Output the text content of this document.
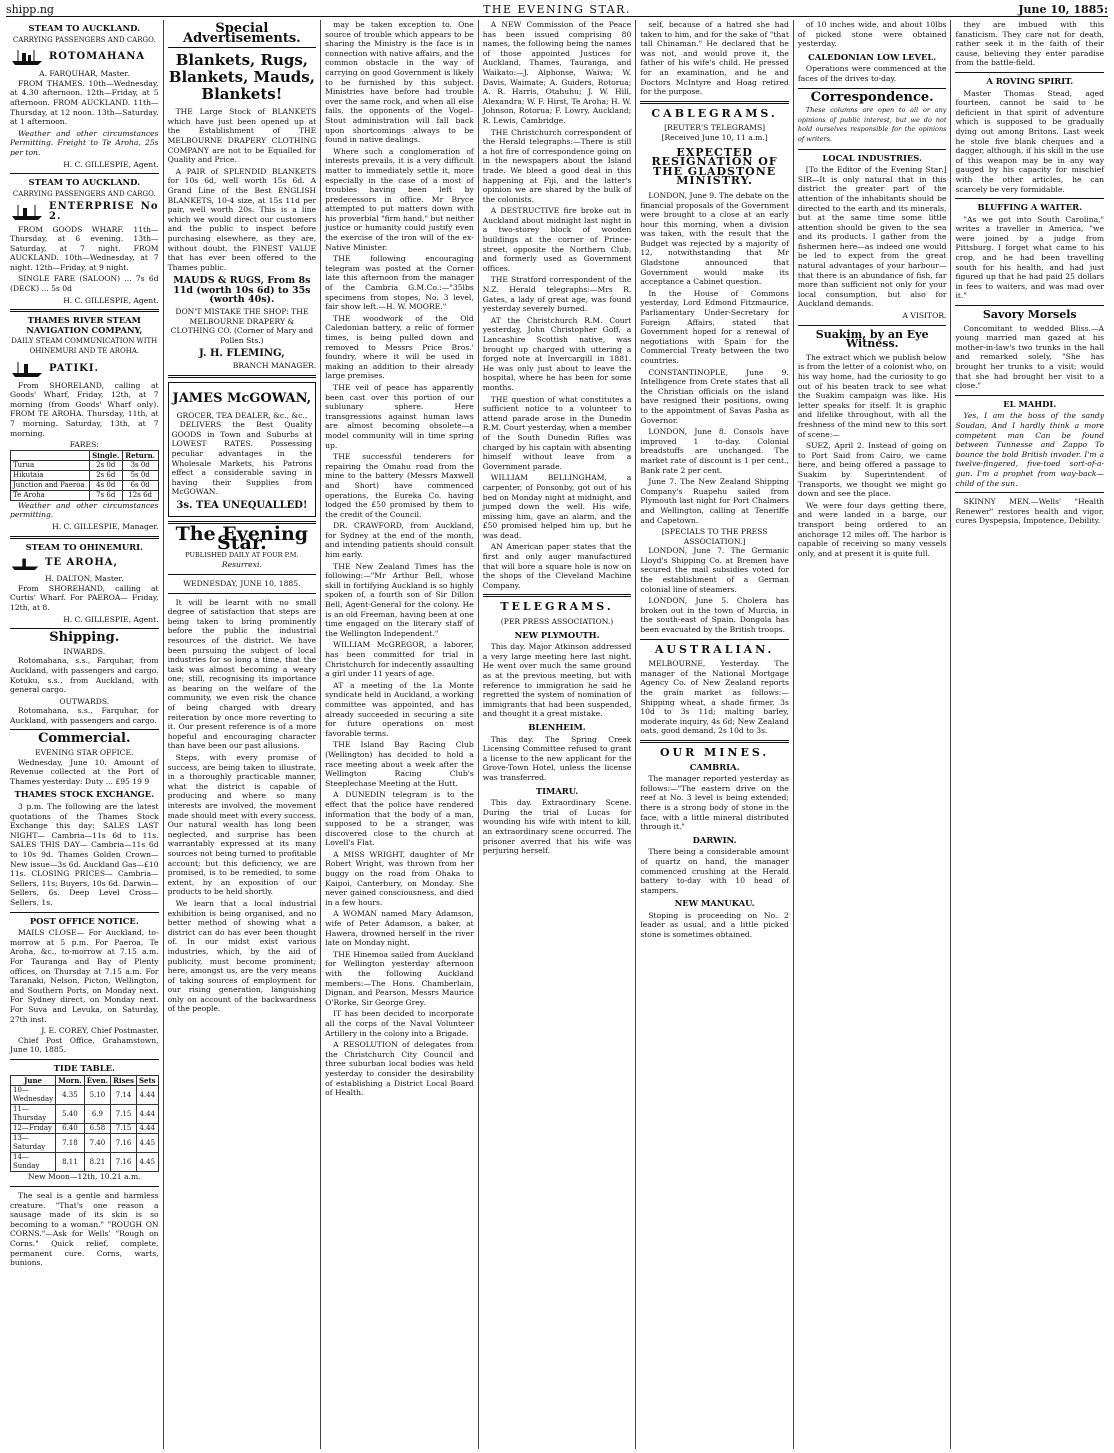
shipp.ng	THE EVENING STAR.	June 10, 1885:
STEAM TO AUCKLAND.
CARRYING PASSENGERS AND CARGO.
ROTOMAHANA
A. FARQUHAR, Master.

FROM THAMES. 10th—Wednesday, at 4.30 afternoon. 12th—Friday, at 5 afternoon. FROM AUCKLAND. 11th—Thursday, at 12 noon. 13th—Saturday, at 1 afternoon.

Weather and other circumstances Permitting. Freight to Te Aroha, 25s per ton.

H. C. GILLESPIE, Agent.
STEAM TO AUCKLAND.
CARRYING PASSENGERS AND CARGO.
ENTERPRISE No 2.

FROM GOODS WHARF. 11th—Thursday, at 6 evening. 13th—Saturday, at 7 night. FROM AUCKLAND. 10th—Wednesday, at 7 night. 12th—Friday, at 9 night.

SINGLE FARE (SALOON) ... 7s 6d (DECK) ... 5s 0d

H. C. GILLESPIE, Agent.
THAMES RIVER STEAM NAVIGATION COMPANY,
DAILY STEAM COMMUNICATION WITH OHINEMURI AND TE AROHA.
PATIKI.

From SHORELAND, calling at Goods' Wharf, Friday, 12th, at 7 morning (from Goods' Wharf only). FROM TE AROHA. Thursday, 11th, at 7 morning. Saturday, 13th, at 7 morning.

FARES:
	Single.	Return.
Turua	2s 0d	3s 0d
Hikutaia	2s 6d	5s 0d
Junction and Paeroa	4s 0d	6s 0d
Te Aroha	7s 6d	12s 6d

Weather and other circumstances permitting.

H. C. GILLESPIE, Manager.
STEAM TO OHINEMURI.
TE AROHA,
H. DALTON, Master.

From SHOREHAND, calling at Curtis' Wharf. For PAEROA— Friday, 12th, at 8.

H. C. GILLESPIE, Agent.
Shipping.
INWARDS.

Rotomahana, s.s., Farquhar, from Auckland, with passengers and cargo. Kotuku, s.s., from Auckland, with general cargo.

OUTWARDS.

Rotomahana, s.s., Farquhar, for Auckland, with passengers and cargo.

Commercial.
EVENING STAR OFFICE.

Wednesday, June 10. Amount of Revenue collected at the Port of Thames yesterday: Duty ... £95 19 9

THAMES STOCK EXCHANGE.

3 p.m. The following are the latest quotations of the Thames Stock Exchange this day: SALES LAST NIGHT— Cambria—11s 6d to 11s. SALES THIS DAY— Cambria—11s 6d to 10s 9d. Thames Golden Crown—New issue—3s 6d. Auckland Gas—£10 11s. CLOSING PRICES— Cambria—Sellers, 11s; Buyers, 10s 6d. Darwin—Sellers, 6s. Deep Level Cross—Sellers, 1s.

POST OFFICE NOTICE.

MAILS CLOSE— For Auckland, to-morrow at 5 p.m. For Paeroa, Te Aroha, &c., to-morrow at 7.15 a.m. For Tauranga and Bay of Plenty offices, on Thursday at 7.15 a.m. For Taranaki, Nelson, Picton, Wellington, and Southern Ports, on Monday next. For Sydney direct, on Monday next. For Suva and Levuka, on Saturday, 27th inst.

J. E. COREY, Chief Postmaster.

Chief Post Office, Grahamstown, June 10, 1885.

TIDE TABLE.
June	Morn.	Even.	Rises	Sets
10—Wednesday	4.35	5.10	7.14	4.44
11—Thursday	5.40	6.9	7.15	4.44
12—Friday	6.40	6.58	7.15	4.44
13—Saturday	7.18	7.40	7.16	4.45
14—Sunday	8.11	8.21	7.16	4.45
New Moon—12th, 10.21 a.m.

The seal is a gentle and harmless creature. "That's one reason a sausage made of its skin is so becoming to a woman." "ROUGH ON CORNS."—Ask for Wells' "Rough on Corns." Quick relief, complete, permanent cure. Corns, warts, bunions.

Special Advertisements.
Blankets, Rugs, Blankets, Mauds, Blankets!

THE Large Stock of BLANKETS which have just been opened up at the Establishment of THE MELBOURNE DRAPERY CLOTHING COMPANY are not to be Equalled for Quality and Price.

A PAIR of SPLENDID BLANKETS for 10s 6d, well worth 15s 6d. A Grand Line of the Best ENGLISH BLANKETS, 10-4 size, at 15s 11d per pair, well worth 20s. This is a line which we would direct our customers and the public to inspect before purchasing elsewhere, as they are, without doubt, the FINEST VALUE that has ever been offered to the Thames public.

MAUDS & RUGS, From 8s 11d (worth 10s 6d) to 35s (worth 40s).

DON'T MISTAKE THE SHOP: THE MELBOURNE DRAPERY & CLOTHING CO. (Corner of Mary and Pollen Sts.)

J. H. FLEMING,
BRANCH MANAGER.
JAMES McGOWAN,
GROCER, TEA DEALER, &c., &c.,

DELIVERS the Best Quality GOODS in Town and Suburbs at LOWEST RATES. Possessing peculiar advantages in the Wholesale Markets, his Patrons effect a considerable saving in having their Supplies from McGOWAN.

3s. TEA UNEQUALLED!
The Evening Star.
PUBLISHED DAILY AT FOUR P.M.
Resurrexi.
WEDNESDAY, JUNE 10, 1885.

It will be learnt with no small degree of satisfaction that steps are being taken to bring prominently before the public the industrial resources of the district. We have been pursuing the subject of local industries for so long a time, that the task was almost becoming a weary one; still, recognising its importance as bearing on the welfare of the community, we even risk the chance of being charged with dreary reiteration by once more reverting to it. Our present reference is of a more hopeful and encouraging character than have been our past allusions.

Steps, with every promise of success, are being taken to illustrate, in a thoroughly practicable manner, what the district is capable of producing and where so many interests are involved, the movement made should meet with every success. Our natural wealth has long been neglected, and surprise has been warrantably expressed at its many sources not being turned to profitable account; but this deficiency, we are promised, is to be remedied, to some extent, by an exposition of our products to be held shortly.

We learn that a local industrial exhibition is being organised, and no better method of showing what a district can do has ever been thought of. In our midst exist various industries, which, by the aid of publicity, must become prominent; here, amongst us, are the very means of taking sources of employment for our rising generation, languishing only on account of the backwardness of the people.

may be taken exception to. One source of trouble which appears to be sharing the Ministry is the face is in connection with native affairs, and the common obstacle in the way of carrying on good Government is likely to be furnished by this subject. Ministries have before had trouble over the same rock, and when all else fails, the opponents of the Vogel–Stout administration will fall back upon shortcomings always to be found in native dealings.

Where such a conglomeration of interests prevails, it is a very difficult matter to immediately settle it, more especially in the case of a most of troubles having been left by predecessors in office. Mr Bryce attempted to put matters down with his proverbial "firm hand," but neither justice or humanity could justify even the exercise of the iron will of the ex-Native Minister.

THE following encouraging telegram was posted at the Corner late this afternoon from the manager of the Cambria G.M.Co.:—"35lbs specimens from stopes, No. 3 level, fair show left.—H. W. MOORE."

THE woodwork of the Old Caledonian battery, a relic of former times, is being pulled down and removed to Messrs Price Bros.' foundry, where it will be used in making an addition to their already large premises.

THE veil of peace has apparently been cast over this portion of our sublunary sphere. Here transgressions against human laws are almost becoming obsolete—a model community will in time spring up.

THE successful tenderers for repairing the Omahu road from the mine to the battery (Messrs Maxwell and Short) have commenced operations, the Eureka Co. having lodged the £50 promised by them to the credit of the Council.

DR. CRAWFORD, from Auckland, for Sydney at the end of the month, and intending patients should consult him early.

THE New Zealand Times has the following:—"Mr Arthur Bell, whose skill in fortifying Auckland is so highly spoken of, a fourth son of Sir Dillon Bell, Agent-General for the colony. He is an old Freeman, having been at one time engaged on the literary staff of the Wellington Independent."

WILLIAM McGREGOR, a laborer, has been committed for trial in Christchurch for indecently assaulting a girl under 11 years of age.

AT a meeting of the La Monte syndicate held in Auckland, a working committee was appointed, and has already succeeded in securing a site for future operations on most favorable terms.

THE Island Bay Racing Club (Wellington) has decided to hold a race meeting about a week after the Wellington Racing Club's Steeplechase Meeting at the Hutt.

A DUNEDIN telegram is to the effect that the police have rendered information that the body of a man, supposed to be a stranger, was discovered close to the church at Lovell's Flat.

A MISS WRIGHT, daughter of Mr Robert Wright, was thrown from her buggy on the road from Ohaka to Kaipoi, Canterbury, on Monday. She never gained consciousness, and died in a few hours.

A WOMAN named Mary Adamson, wife of Peter Adamson, a baker, at Hawera, drowned herself in the river late on Monday night.

THE Hinemoa sailed from Auckland for Wellington yesterday afternoon with the following Auckland members:—The Hons. Chamberlain, Dignan, and Pearson, Messrs Maurice O'Rorke, Sir George Grey.

IT has been decided to incorporate all the corps of the Naval Volunteer Artillery in the colony into a Brigade.

A RESOLUTION of delegates from the Christchurch City Council and three suburban local bodies was held yesterday to consider the desirability of establishing a District Local Board of Health.

A NEW Commission of the Peace has been issued comprising 80 names, the following being the names of those appointed Justices for Auckland, Thames, Tauranga, and Waikato:—J. Alphonse, Waiwa; W. Davis, Waimate; A. Guiders, Rotorua; A. R. Harris, Otahuhu; J. W. Hill, Alexandra; W. F. Hirst, Te Aroha; H. W. Johnson, Rotorua; F. Lowry, Auckland; R. Lewis, Cambridge.

THE Christchurch correspondent of the Herald telegraphs:—There is still a hot fire of correspondence going on in the newspapers about the Island trade. We bleed a good deal in this happening at Fiji, and the latter's opinion we are shared by the bulk of the colonists.

A DESTRUCTIVE fire broke out in Auckland about midnight last night in a two-storey block of wooden buildings at the corner of Prince-street, opposite the Northern Club, and formerly used as Government offices.

THE Stratford correspondent of the N.Z. Herald telegraphs:—Mrs R. Gates, a lady of great age, was found yesterday severely burned.

AT the Christchurch R.M. Court yesterday, John Christopher Goff, a Lancashire Scottish native, was brought up charged with uttering a forged note at Invercargill in 1881. He was only just about to leave the hospital, where he has been for some months.

THE question of what constitutes a sufficient notice to a volunteer to attend parade arose in the Dunedin R.M. Court yesterday, when a member of the South Dunedin Rifles was charged by his captain with absenting himself without leave from a Government parade.

WILLIAM BELLINGHAM, a carpenter, of Ponsonby, got out of his bed on Monday night at midnight, and jumped down the well. His wife, missing him, gave an alarm, and the £50 promised helped him up, but he was dead.

AN American paper states that the first and only auger manufactured that will bore a square hole is now on the shops of the Cleveland Machine Company.

TELEGRAMS.
(PER PRESS ASSOCIATION.)
NEW PLYMOUTH.

This day. Major Atkinson addressed a very large meeting here last night. He went over much the same ground as at the previous meeting, but with reference to immigration he said he regretted the system of nomination of immigrants that had been suspended, and thought it a great mistake.

BLENHEIM.

This day. The Spring Creek Licensing Committee refused to grant a license to the new applicant for the Grove-Town Hotel, unless the license was transferred.

TIMARU.

This day. Extraordinary Scene. During the trial of Lucas for wounding his wife with intent to kill, an extraordinary scene occurred. The prisoner averred that his wife was perjuring herself.

self, because of a hatred she had taken to him, and for the sake of "that tall Chinaman." He declared that he was not, and would prove it, the father of his wife's child. He pressed for an examination, and he and Doctors McIntyre and Hoag retired for the purpose.

CABLEGRAMS.
[REUTER'S TELEGRAMS]
[Received June 10, 11 a.m.]
EXPECTED RESIGNATION OF THE GLADSTONE MINISTRY.

LONDON, June 9. The debate on the financial proposals of the Government were brought to a close at an early hour this morning, when a division was taken, with the result that the Budget was rejected by a majority of 12, notwithstanding that Mr Gladstone announced that Government would make its acceptance a Cabinet question.

In the House of Commons yesterday, Lord Edmond Fitzmaurice, Parliamentary Under-Secretary for Foreign Affairs, stated that Government hoped for a renewal of negotiations with Spain for the Commercial Treaty between the two countries.

CONSTANTINOPLE, June 9. Intelligence from Crete states that all the Christian officials on the island have resigned their positions, owing to the appointment of Savas Pasha as Governor.

LONDON, June 8. Consols have improved 1 to-day. Colonial breadstuffs are unchanged. The market rate of discount is 1 per cent., Bank rate 2 per cent.

June 7. The New Zealand Shipping Company's Ruapehu sailed from Plymouth last night for Port Chalmers and Wellington, calling at Teneriffe and Capetown.

[SPECIALS TO THE PRESS ASSOCIATION.]

LONDON, June 7. The Germanic Lloyd's Shipping Co. at Bremen have secured the mail subsidies voted for the establishment of a German colonial line of steamers.

LONDON, June 5. Cholera has broken out in the town of Murcia, in the south-east of Spain. Dongola has been evacuated by the British troops.

AUSTRALIAN.

MELBOURNE, Yesterday. The manager of the National Mortgage Agency Co. of New Zealand reports the grain market as follows:—Shipping wheat, a shade firmer, 3s 10d to 3s 11d; malting barley, moderate inquiry, 4s 6d; New Zealand oats, good demand, 2s 10d to 3s.

OUR MINES.
CAMBRIA.

The manager reported yesterday as follows:—"The eastern drive on the reef at No. 3 level is being extended; there is a strong body of stone in the face, with a little mineral distributed through it."

DARWIN.

There being a considerable amount of quartz on hand, the manager commenced crushing at the Herald battery to-day with 10 head of stampers.

NEW MANUKAU.

Stoping is proceeding on No. 2 leader as usual, and a little picked stone is sometimes obtained.

of 10 inches wide, and about 10lbs of picked stone were obtained yesterday.

CALEDONIAN LOW LEVEL.

Operations were commenced at the faces of the drives to-day.

Correspondence.

These columns are open to all or any opinions of public interest, but we do not hold ourselves responsible for the opinions of writers.

LOCAL INDUSTRIES.

[To the Editor of the Evening Star.] SIR—It is only natural that in this district the greater part of the attention of the inhabitants should be directed to the earth and its minerals, but at the same time some little attention should be given to the sea and its products. I gather from the fishermen here—as indeed one would be led to expect from the great natural advantages of your harbour—that there is an abundance of fish, far more than sufficient not only for your local consumption, but also for Auckland demands.

A VISITOR.
Suakim, by an Eye Witness.

The extract which we publish below is from the letter of a colonist who, on his way home, had the curiosity to go out of his beaten track to see what the Suakim campaign was like. His letter speaks for itself. It is graphic and lifelike throughout, with all the freshness of the mind new to this sort of scene:—

SUEZ, April 2. Instead of going on to Port Said from Cairo, we came here, and being offered a passage to Suakim by Superintendent of Transports, we thought we might go down and see the place.

We were four days getting there, and were landed in a barge, our transport being ordered to an anchorage 12 miles off. The harbor is capable of receiving so many vessels only, and at present it is quite full.

they are imbued with this fanaticism. They care not for death, rather seek it in the faith of their cause, believing they enter paradise from the battle-field.

A ROVING SPIRIT.

Master Thomas Stead, aged fourteen, cannot be said to be deficient in that spirit of adventure which is supposed to be gradually dying out among Britons. Last week he stole five blank cheques and a dagger, although, if his skill in the use of this weapon may be in any way gauged by his capacity for mischief with the other articles, he can scarcely be very formidable.

BLUFFING A WAITER.

"As we got into South Carolina," writes a traveller in America, "we were joined by a judge from Pittsburg. I forget what came to his crop, and he had been travelling south for his health, and had just figured up that he had paid 25 dollars in fees to waiters, and was mad over it."

Savory Morsels

Concomitant to wedded Bliss.—A young married man gazed at his mother-in-law's two trunks in the hall and remarked solely, "She has brought her trunks to a visit; would that she had brought her visit to a close."

EL MAHDI.

Yes, I am the boss of the sandy Soudan, And I hardly think a more competent man Can be found between Tunnesse and Zappo To bounce the bold British invader. I'm a twelve-fingered, five-toed sort-of-a-gun. I'm a prophet from way-back—child of the sun.

SKINNY MEN.—Wells' "Health Renewer" restores health and vigor, cures Dyspepsia, Impotence, Debility.
